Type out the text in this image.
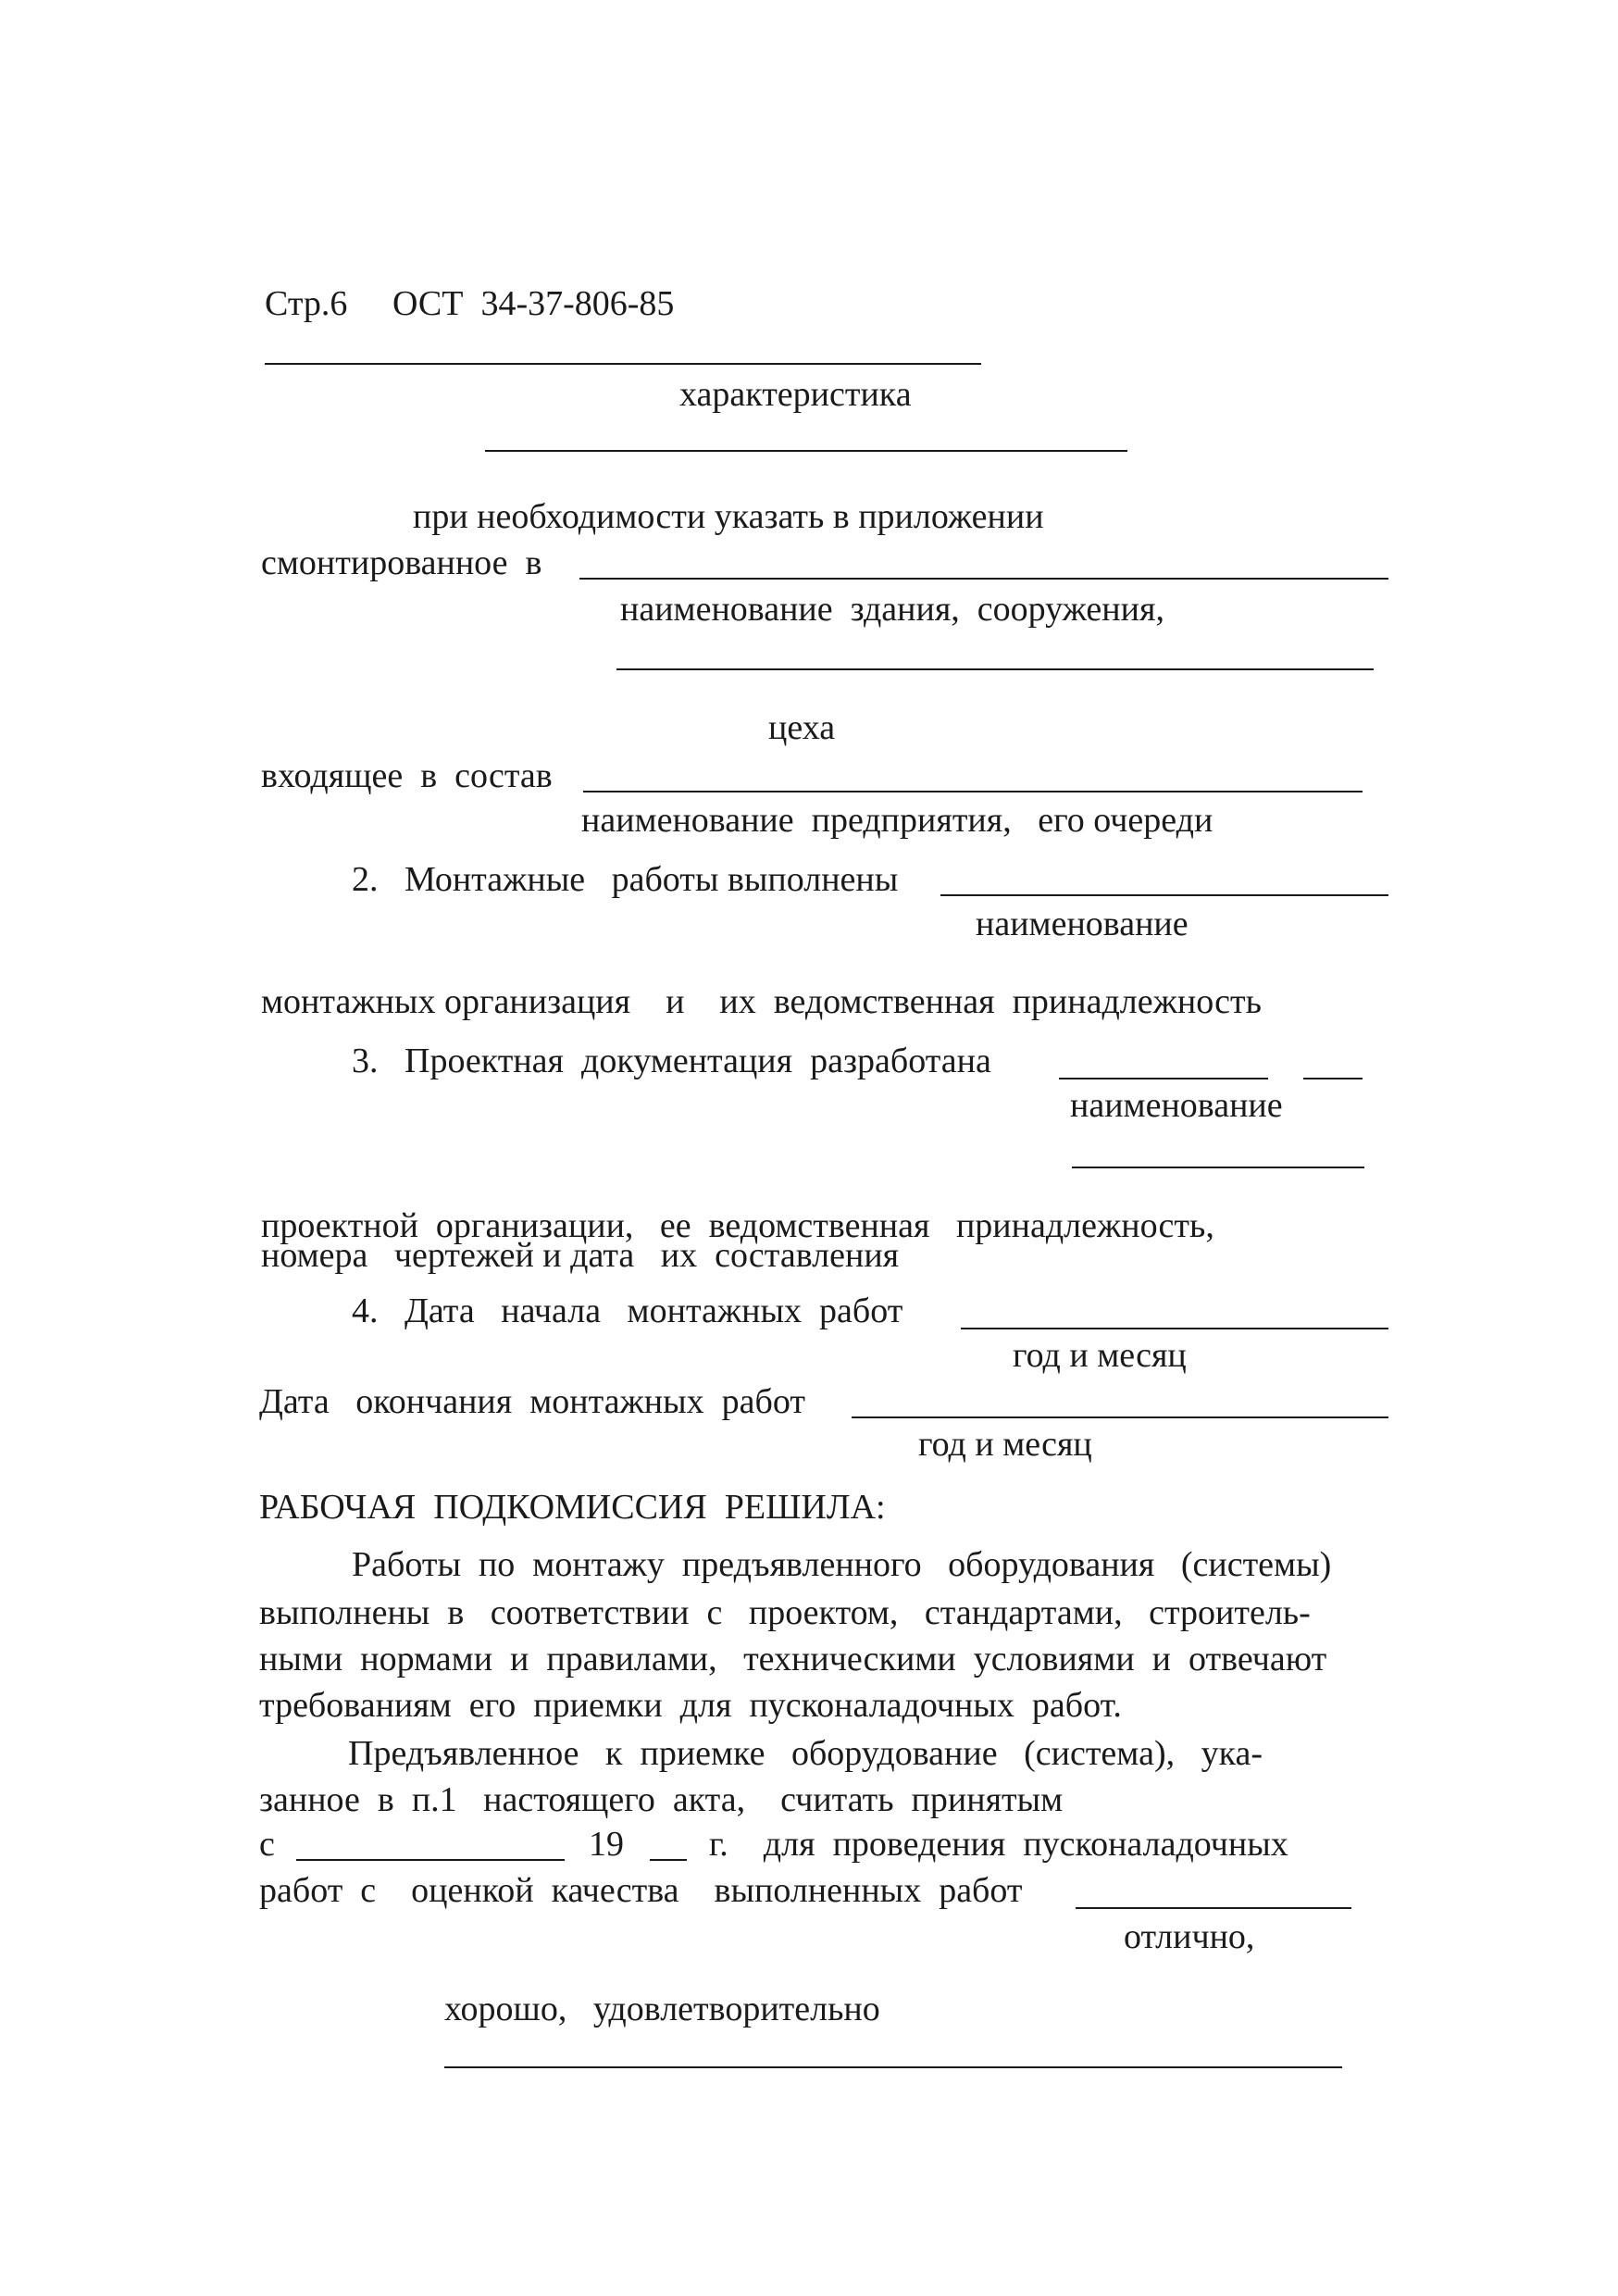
Стр.6 ОСТ  34-37-806-85
характеристика
при необходимости указать в приложении
смонтированное  в
наименование  здания,  сооружения,
цеха
входящее  в  состав
наименование  предприятия,   его очереди
2.   Монтажные   работы выполнены
наименование
монтажных организация    и    их  ведомственная  принадлежность
3.   Проектная  документация  разработана
наименование
проектной  организации,   ее  ведомственная   принадлежность,
номера   чертежей и дата   их  составления
4.   Дата   начала   монтажных  работ
год и месяц
Дата   окончания  монтажных  работ
год и месяц
РАБОЧАЯ  ПОДКОМИССИЯ  РЕШИЛА:
Работы  по  монтажу  предъявленного   оборудования   (системы)
выполнены  в   соответствии  с   проектом,   стандартами,   строитель-
ными  нормами  и  правилами,   техническими  условиями  и  отвечают
требованиям  его  приемки  для  пусконаладочных  работ.
Предъявленное   к  приемке   оборудование   (система),   ука-
занное  в  п.1   настоящего  акта,    считать  принятым
с	19 г.    для  проведения  пусконаладочных
работ  с    оценкой  качества    выполненных  работ
отлично,
хорошо,   удовлетворительно
